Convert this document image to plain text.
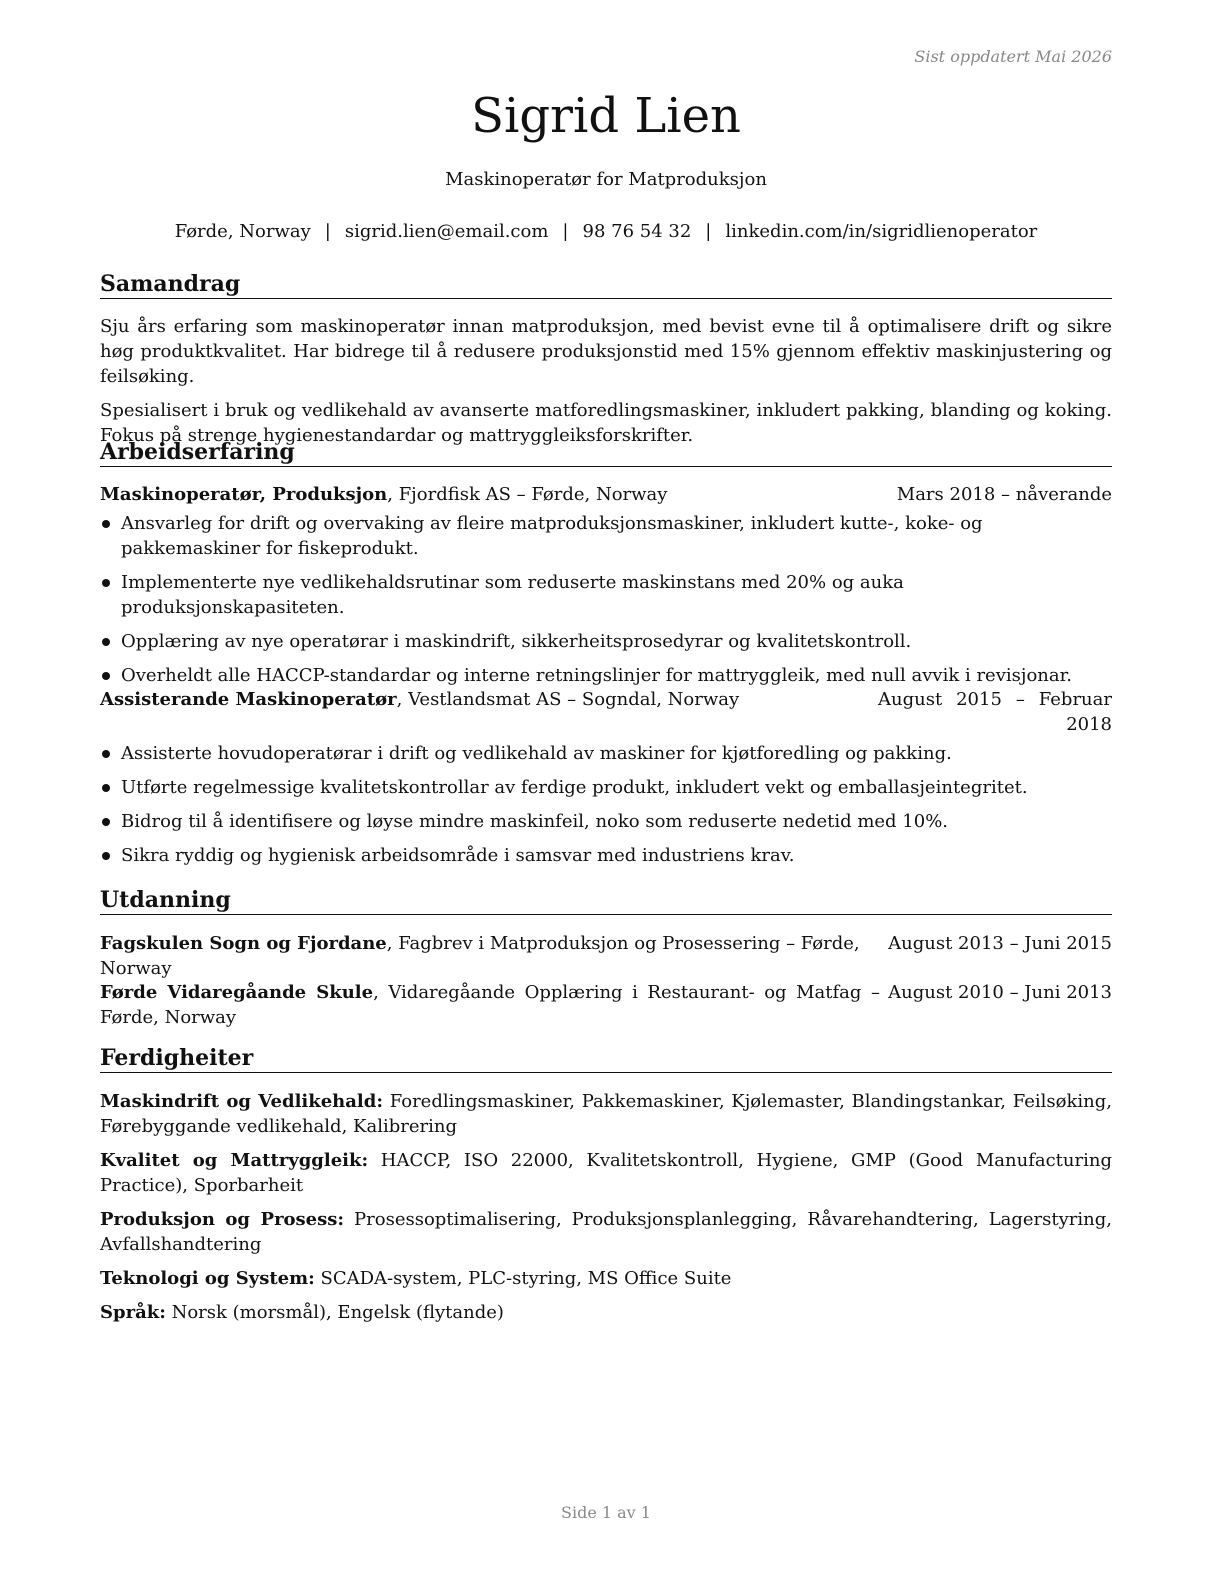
Sist oppdatert Mai 2026
Sigrid Lien
Maskinoperatør for Matproduksjon
Førde, Norway | sigrid.lien@email.com | 98 76 54 32 | linkedin.com/in/sigridlienoperator
Samandrag

Sju års erfaring som maskinoperatør innan matproduksjon, med bevist evne til å optimalisere drift og sikre høg produktkvalitet. Har bidrege til å redusere produksjonstid med 15% gjennom effektiv maskinjustering og feilsøking.

Spesialisert i bruk og vedlikehald av avanserte matforedlingsmaskiner, inkludert pakking, blanding og koking. Fokus på strenge hygienestandardar og mattryggleiksforskrifter.

Arbeidserfaring
Maskinoperatør, Produksjon, Fjordfisk AS – Førde, Norway	Mars 2018 – nåverande
Ansvarleg for drift og overvaking av fleire matproduksjonsmaskiner, inkludert kutte-, koke- og pakkemaskiner for fiskeprodukt.
Implementerte nye vedlikehaldsrutinar som reduserte maskinstans med 20% og auka produksjonskapasiteten.
Opplæring av nye operatørar i maskindrift, sikkerheitsprosedyrar og kvalitetskontroll.
Overheldt alle HACCP-standardar og interne retningslinjer for mattryggleik, med null avvik i revisjonar.
Assisterande Maskinoperatør, Vestlandsmat AS – Sogndal, Norway	August 2015 – Februar 2018
Assisterte hovudoperatørar i drift og vedlikehald av maskiner for kjøtforedling og pakking.
Utførte regelmessige kvalitetskontrollar av ferdige produkt, inkludert vekt og emballasjeintegritet.
Bidrog til å identifisere og løyse mindre maskinfeil, noko som reduserte nedetid med 10%.
Sikra ryddig og hygienisk arbeidsområde i samsvar med industriens krav.
Utdanning
Fagskulen Sogn og Fjordane, Fagbrev i Matproduksjon og Prosessering – Førde, Norway
August 2013 – Juni 2015
Førde Vidaregåande Skule, Vidaregåande Opplæring i Restaurant- og Matfag – Førde, Norway
August 2010 – Juni 2013
Ferdigheiter
Maskindrift og Vedlikehald: Foredlingsmaskiner, Pakkemaskiner, Kjølemaster, Blandingstankar, Feilsøking, Førebyggande vedlikehald, Kalibrering
Kvalitet og Mattryggleik: HACCP, ISO 22000, Kvalitetskontroll, Hygiene, GMP (Good Manufacturing Practice), Sporbarheit
Produksjon og Prosess: Prosessoptimalisering, Produksjonsplanlegging, Råvarehandtering, Lagerstyring, Avfallshandtering
Teknologi og System: SCADA-system, PLC-styring, MS Office Suite
Språk: Norsk (morsmål), Engelsk (flytande)
Side 1 av 1
